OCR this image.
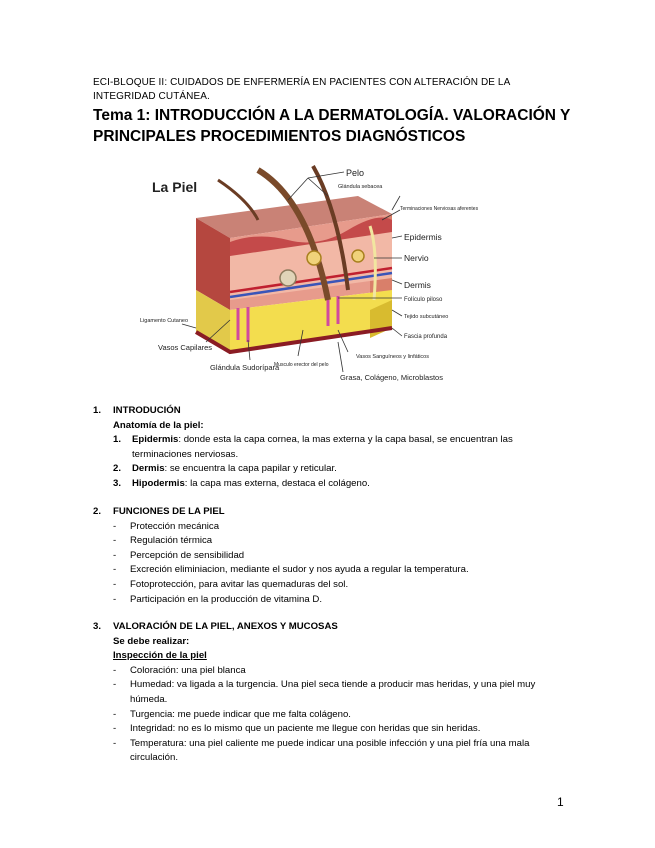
ECI-BLOQUE II: CUIDADOS DE ENFERMERÍA EN PACIENTES CON ALTERACIÓN DE LA INTEGRIDAD CUTÁNEA.
Tema 1: INTRODUCCIÓN A LA DERMATOLOGÍA. VALORACIÓN Y PRINCIPALES PROCEDIMIENTOS DIAGNÓSTICOS
La Piel
Pelo
Glándula sebacea
Terminaciones Nerviosas aferentes
Epidermis
Nervio
Dermis
Folículo piloso
Tejido subcutáneo
Fascia profunda
Ligamento Cutaneo
Vasos Capilares
Glándula Sudorípara
Musculo erector del pelo
Vasos Sanguíneos y linfáticos
Grasa, Colágeno, Microblastos
1.	INTRODUCIÓN
Anatomía de la piel:
1.	Epidermis: donde esta la capa cornea, la mas externa y la capa basal, se encuentran las terminaciones nerviosas.
2.	Dermis: se encuentra la capa papilar y reticular.
3.	Hipodermis: la capa mas externa, destaca el colágeno.
2.	FUNCIONES DE LA PIEL
-	Protección mecánica
-	Regulación térmica
-	Percepción de sensibilidad
-	Excreción eliminiacion, mediante el sudor y nos ayuda a regular la temperatura.
-	Fotoprotección, para avitar las quemaduras del sol.
-	Participación en la producción de vitamina D.
3.	VALORACIÓN DE LA PIEL, ANEXOS Y MUCOSAS
Se debe realizar:
Inspección de la piel
-	Coloración: una piel blanca
-	Humedad: va ligada a la turgencia. Una piel seca tiende a producir mas heridas, y una piel muy húmeda.
-	Turgencia: me puede indicar que me falta colágeno.
-	Integridad: no es lo mismo que un paciente me llegue con heridas que sin heridas.
-	Temperatura: una piel caliente me puede indicar una posible infección y una piel fría una mala circulación.
1
